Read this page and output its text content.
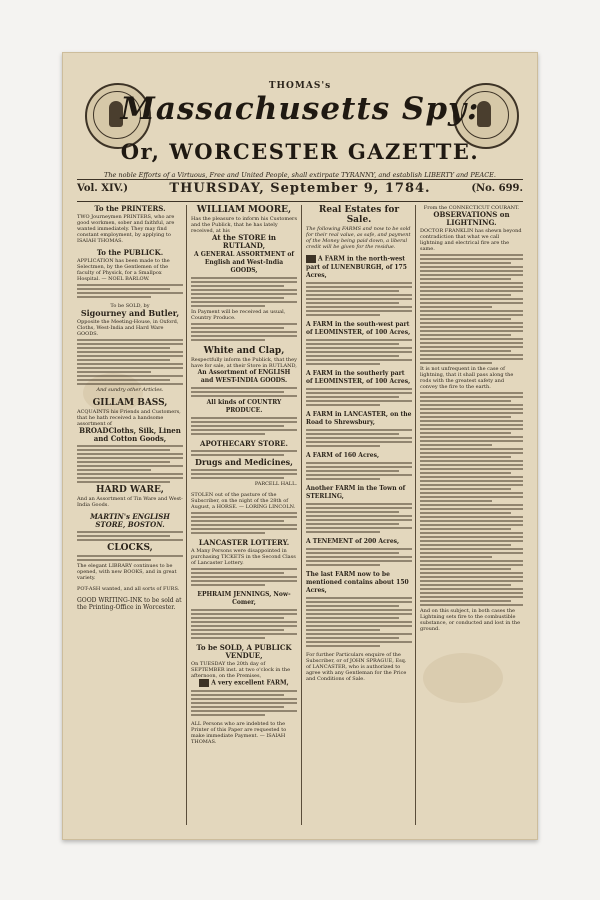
THOMAS's
Massachusetts Spy:
Or, WORCESTER GAZETTE.
The noble Efforts of a Virtuous, Free and United People, shall extirpate TYRANNY, and establish LIBERTY and PEACE.
Vol. XIV.)	THURSDAY, September 9, 1784.	(No. 699.
To the PRINTERS.
TWO Journeymen PRINTERS, who are good workmen, sober and faithful, are wanted immediately. They may find constant employment, by applying to ISAIAH THOMAS.
To the PUBLICK.
APPLICATION has been made to the Selectmen, by the Gentlemen of the faculty of Physick, for a Smallpox Hospital. — NOEL BARLOW.
To be SOLD, by
Sigourney and Butler,
Opposite the Meeting-House, in Oxford, Cloths, West-India and Hard Ware GOODS.
And sundry other Articles.
GILLAM BASS,
ACQUAINTS his Friends and Customers, that he hath received a handsome assortment of
BROADCloths, Silk, Linen and Cotton Goods,
HARD WARE,
And an Assortment of Tin Ware and West-India Goods.
MARTIN's ENGLISH STORE, BOSTON.
CLOCKS,
The elegant LIBRARY continues to be opened, with new BOOKS, and in great variety.
POT-ASH wanted, and all sorts of FURS.
GOOD WRITING-INK to be sold at the Printing-Office in Worcester.
WILLIAM MOORE,
Has the pleasure to inform his Customers and the Publick, that he has lately received, at his
At the STORE in RUTLAND,
A GENERAL ASSORTMENT of English and West-India GOODS,
In Payment will be received as usual, Country Produce.
White and Clap,
Respectfully inform the Publick, that they have for sale, at their Store in RUTLAND,
An Assortment of ENGLISH and WEST-INDIA GOODS.
All kinds of COUNTRY PRODUCE.
APOTHECARY STORE.
Drugs and Medicines,
PARCELL HALL.
STOLEN out of the pasture of the Subscriber, on the night of the 28th of August, a HORSE. — LORING LINCOLN.
LANCASTER LOTTERY.
A Many Persons were disappointed in purchasing TICKETS in the Second Class of Lancaster Lottery.
EPHRAIM JENNINGS, Now-Comer,
To be SOLD, A PUBLICK VENDUE,
On TUESDAY the 20th day of SEPTEMBER inst. at two o'clock in the afternoon, on the Premises,
A very excellent FARM,
ALL Persons who are indebted to the Printer of this Paper are requested to make immediate Payment. — ISAIAH THOMAS.
Real Estates for Sale.
The following FARMS and now to be sold for their real value, as safe, and payment of the Money being paid down, a liberal credit will be given for the residue.
A FARM in the north-west part of LUNENBURGH, of 175 Acres,
A FARM in the south-west part of LEOMINSTER, of 100 Acres,
A FARM in the southerly part of LEOMINSTER, of 100 Acres,
A FARM in LANCASTER, on the Road to Shrewsbury,
A FARM of 160 Acres,
Another FARM in the Town of STERLING,
A TENEMENT of 200 Acres,
The last FARM now to be mentioned contains about 150 Acres,
For further Particulars enquire of the Subscriber, or of JOHN SPRAGUE, Esq. of LANCASTER, who is authorized to agree with any Gentleman for the Price and Conditions of Sale.
From the CONNECTICUT COURANT.
OBSERVATIONS on LIGHTNING.
DOCTOR FRANKLIN has shewn beyond contradiction that what we call lightning and electrical fire are the same.
It is not unfrequent in the case of lightning, that it shall pass along the rods with the greatest safety and convey the fire to the earth.
And on this subject, in both cases the Lightning sets fire to the combustible substance, or conducted and lost in the ground.
